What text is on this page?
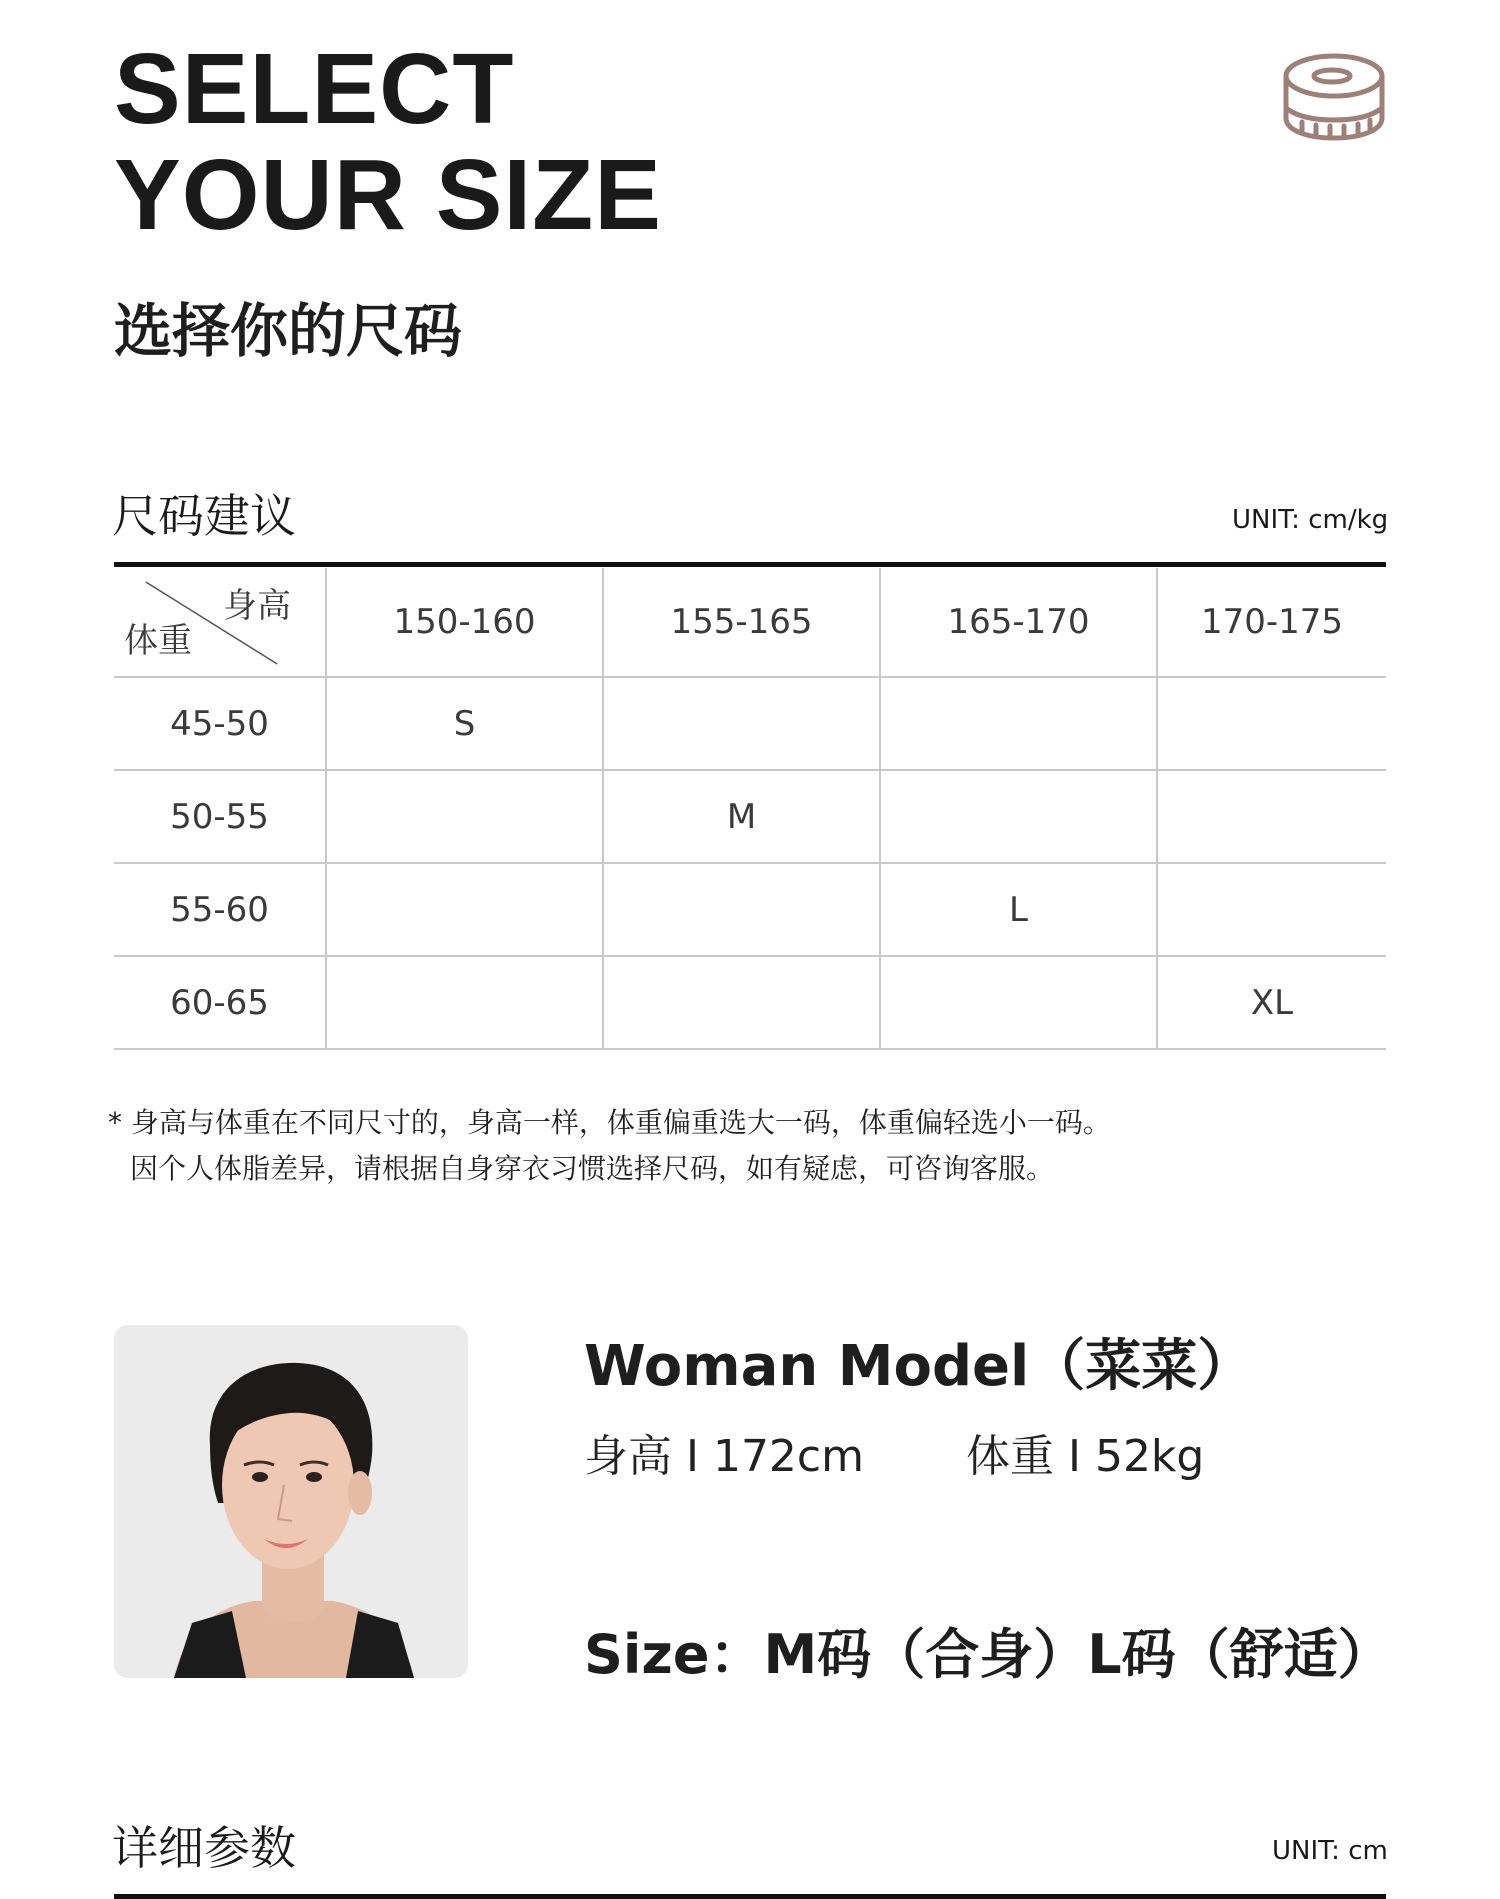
SELECT
YOUR SIZE
选择你的尺码
尺码建议	UNIT: cm/kg
身高
体重	150-160	155-165	165-170	170-175
45-50	S			
50-55		M		
55-60			L	
60-65				XL
* 身高与体重在不同尺寸的，身高一样，体重偏重选大一码，体重偏轻选小一码。
因个人体脂差异，请根据自身穿衣习惯选择尺码，如有疑虑，可咨询客服。
Woman Model（菜菜）
身高 I 172cm 体重 I 52kg
Size：M码（合身）L码（舒适）
详细参数	UNIT: cm
